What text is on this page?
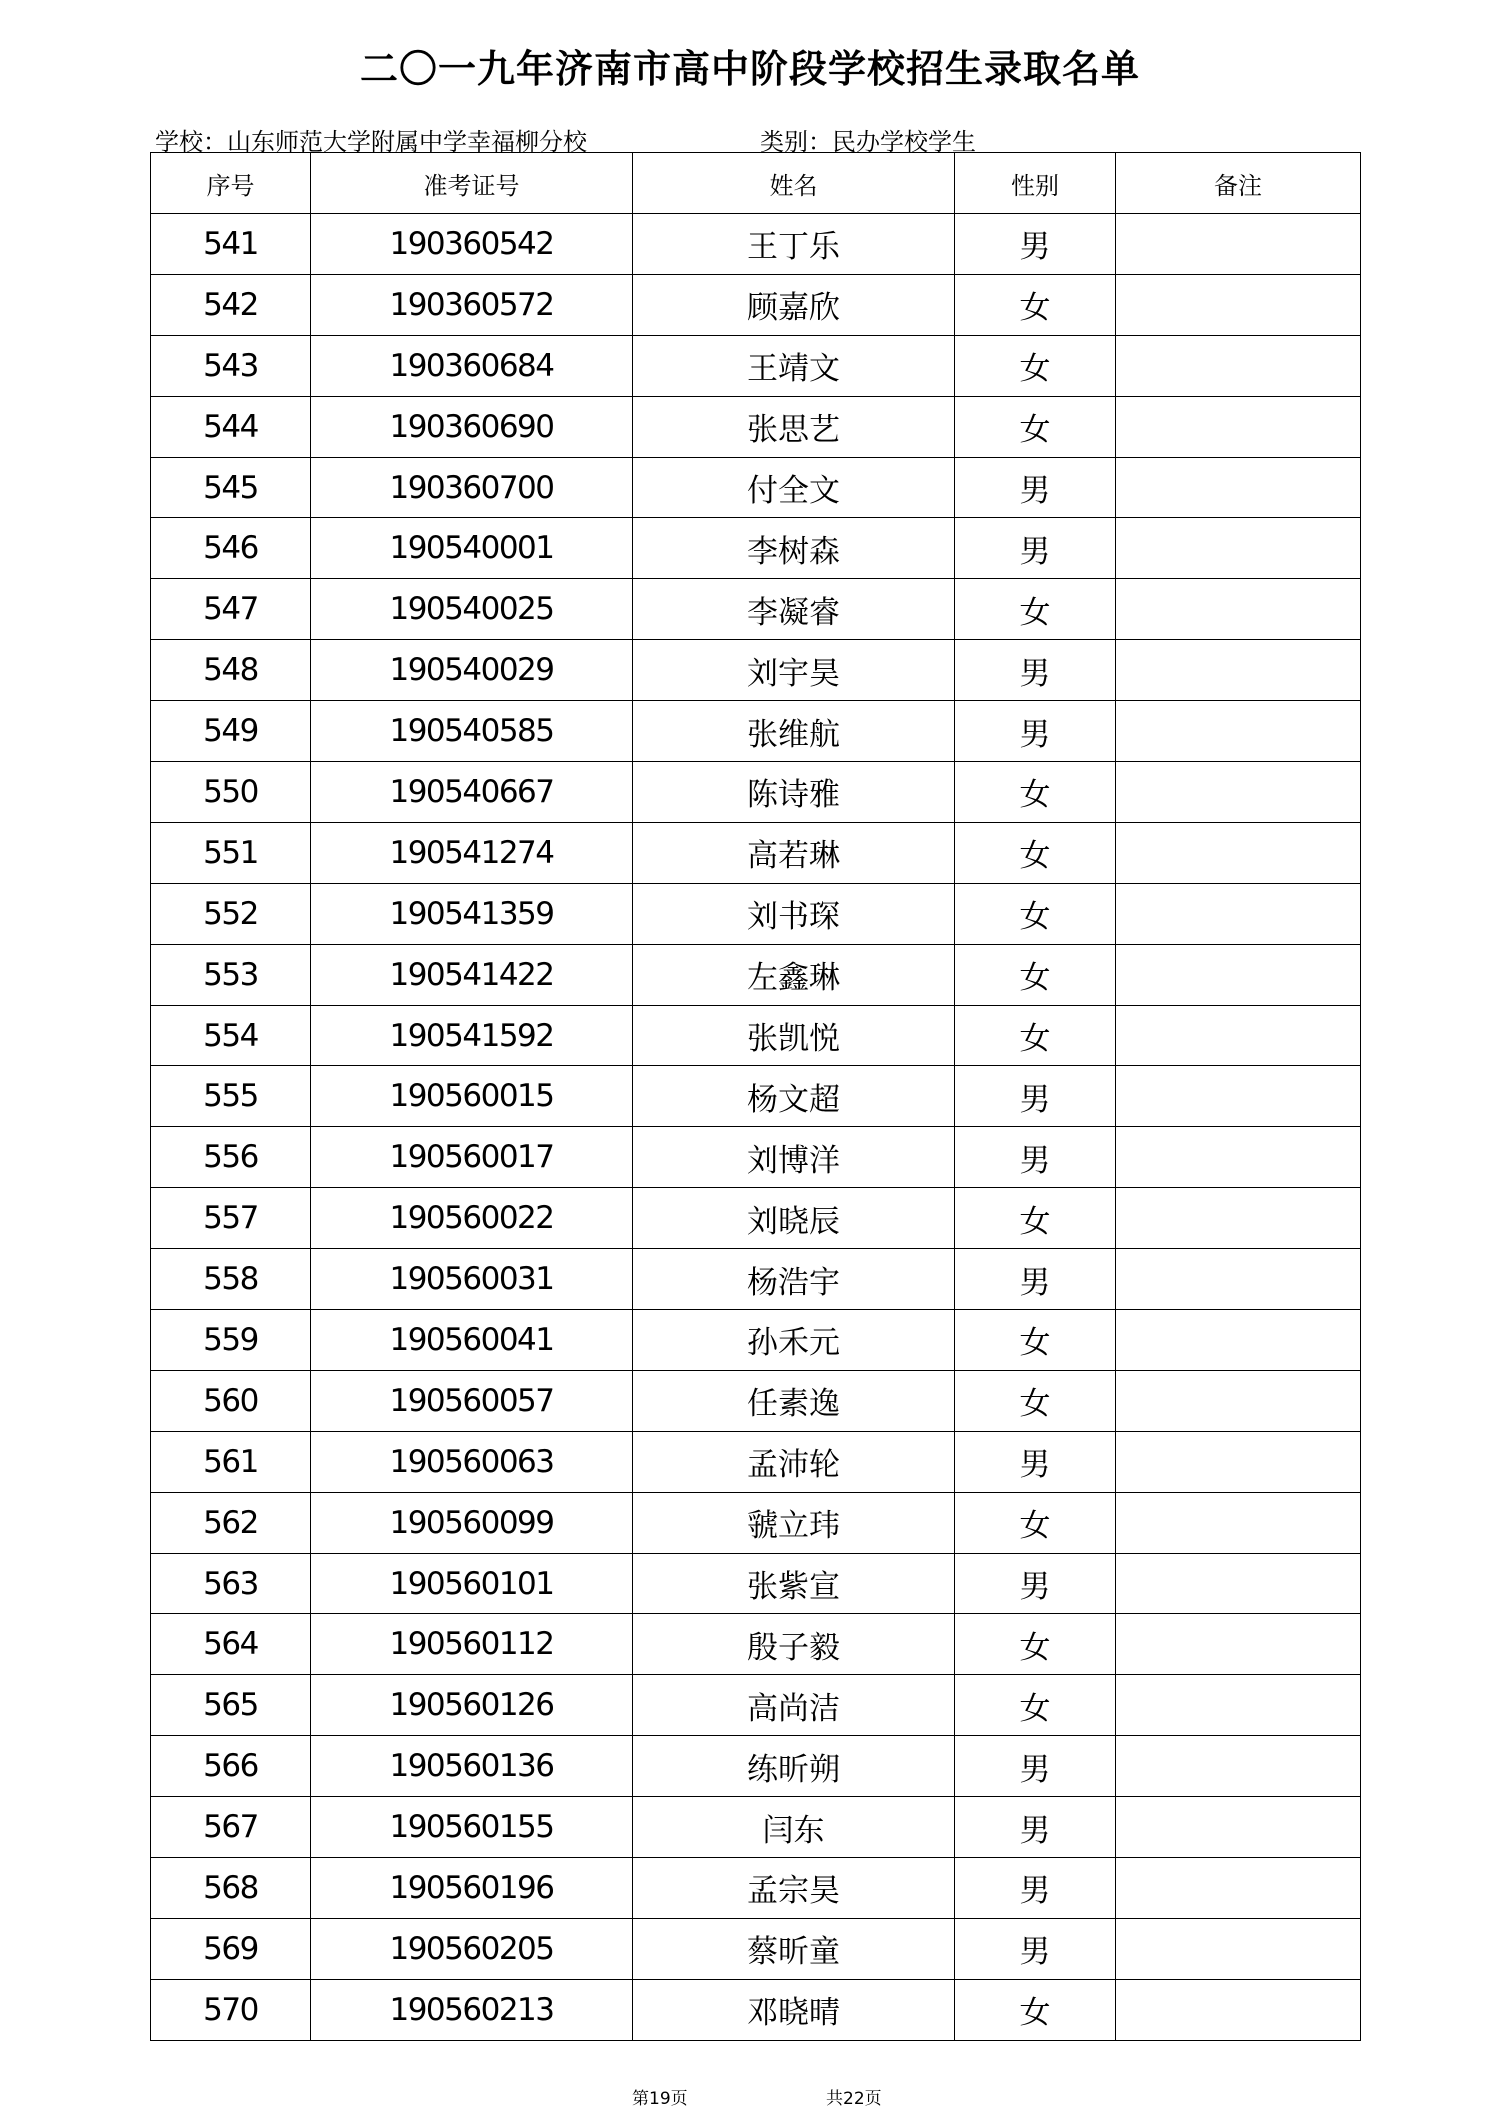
二〇一九年济南市高中阶段学校招生录取名单
学校：山东师范大学附属中学幸福柳分校	类别：民办学校学生
序号	准考证号	姓名	性别	备注
541	190360542	王丁乐	男	
542	190360572	顾嘉欣	女	
543	190360684	王靖文	女	
544	190360690	张思艺	女	
545	190360700	付全文	男	
546	190540001	李树森	男	
547	190540025	李凝睿	女	
548	190540029	刘宇昊	男	
549	190540585	张维航	男	
550	190540667	陈诗雅	女	
551	190541274	高若琳	女	
552	190541359	刘书琛	女	
553	190541422	左鑫琳	女	
554	190541592	张凯悦	女	
555	190560015	杨文超	男	
556	190560017	刘博洋	男	
557	190560022	刘晓辰	女	
558	190560031	杨浩宇	男	
559	190560041	孙禾元	女	
560	190560057	任素逸	女	
561	190560063	孟沛轮	男	
562	190560099	虢立玮	女	
563	190560101	张紫宣	男	
564	190560112	殷子毅	女	
565	190560126	高尚洁	女	
566	190560136	练昕朔	男	
567	190560155	闫东	男	
568	190560196	孟宗昊	男	
569	190560205	蔡昕童	男	
570	190560213	邓晓晴	女	
第19页	共22页
